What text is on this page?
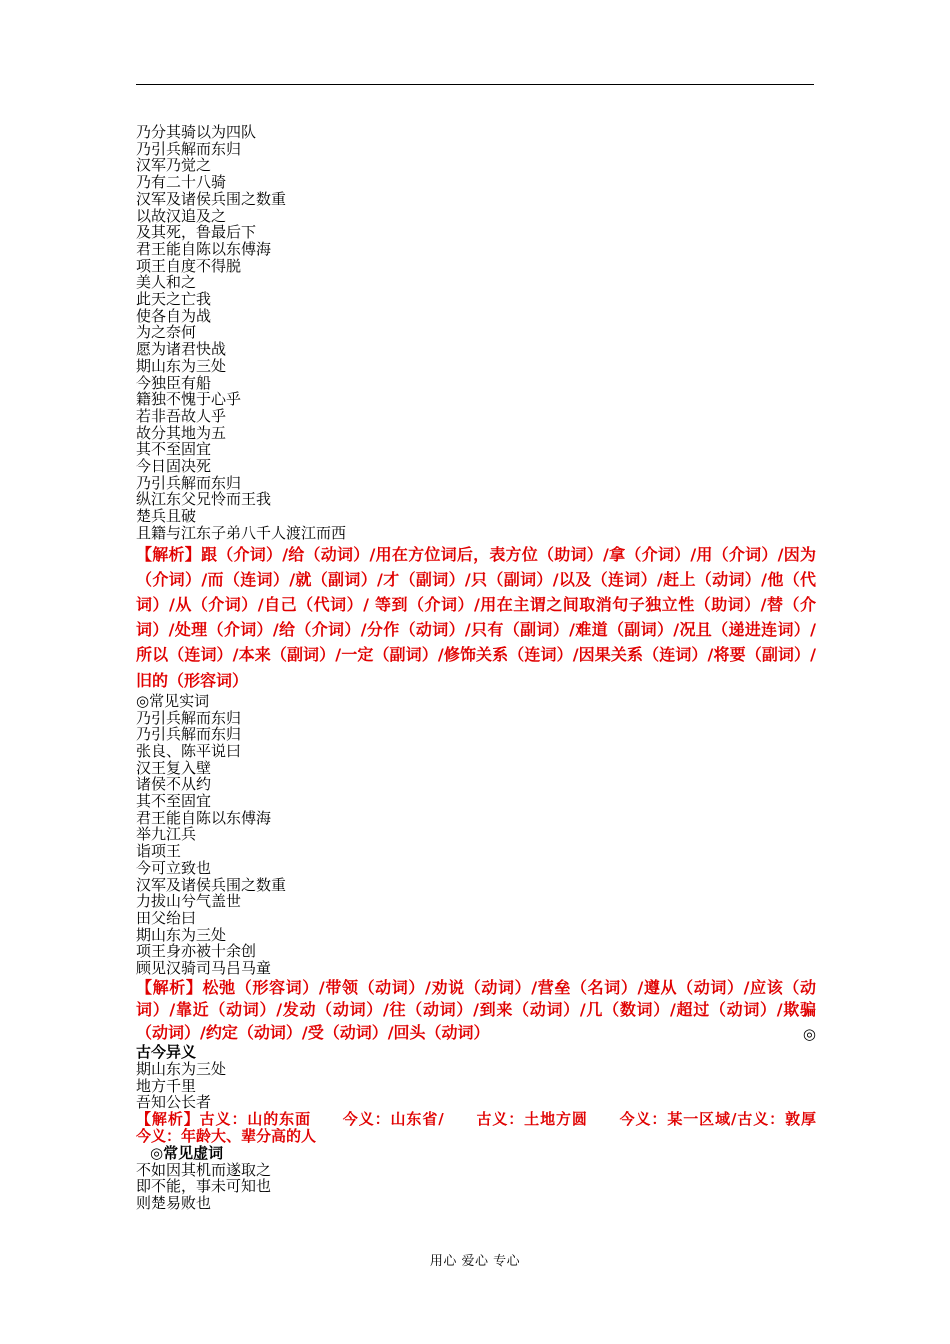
乃分其骑以为四队
乃引兵解而东归
汉军乃觉之
乃有二十八骑
汉军及诸侯兵围之数重
以故汉追及之
及其死，鲁最后下
君王能自陈以东傅海
项王自度不得脱
美人和之
此天之亡我
使各自为战
为之奈何
愿为诸君快战
期山东为三处
今独臣有船
籍独不愧于心乎
若非吾故人乎
故分其地为五
其不至固宜
今日固决死
乃引兵解而东归
纵江东父兄怜而王我
楚兵且破
且籍与江东子弟八千人渡江而西
【解析】跟（介词）/给（动词）/用在方位词后，表方位（助词）/拿（介词）/用（介词）/因为（介词）/而（连词）/就（副词）/才（副词）/只（副词）/以及（连词）/赶上（动词）/他（代词）/从（介词）/自己（代词）/ 等到（介词）/用在主谓之间取消句子独立性（助词）/替（介词）/处理（介词）/给（介词）/分作（动词）/只有（副词）/难道（副词）/况且（递进连词）/所以（连词）/本来（副词）/一定（副词）/修饰关系（连词）/因果关系（连词）/将要（副词）/旧的（形容词）
◎常见实词
乃引兵解而东归
乃引兵解而东归
张良、陈平说曰
汉王复入壁
诸侯不从约
其不至固宜
君王能自陈以东傅海
举九江兵
诣项王
今可立致也
汉军及诸侯兵围之数重
力拔山兮气盖世
田父绐曰
期山东为三处
项王身亦被十余创
顾见汉骑司马吕马童
【解析】松弛（形容词）/带领（动词）/劝说（动词）/营垒（名词）/遵从（动词）/应该（动词）/靠近（动词）/发动（动词）/往（动词）/到来（动词）/几（数词）/超过（动词）/欺骗（动词）/约定（动词）/受（动词）/回头（动词）	◎
古今异义
期山东为三处
地方千里
吾知公长者
【解析】古义：山的东面　　今义：山东省/　　古义：土地方圆　　今义：某一区域/古义：敦厚　　今义：年龄大、辈分高的人
◎常见虚词
不如因其机而遂取之
即不能，事未可知也
则楚易败也
用心 爱心 专心
